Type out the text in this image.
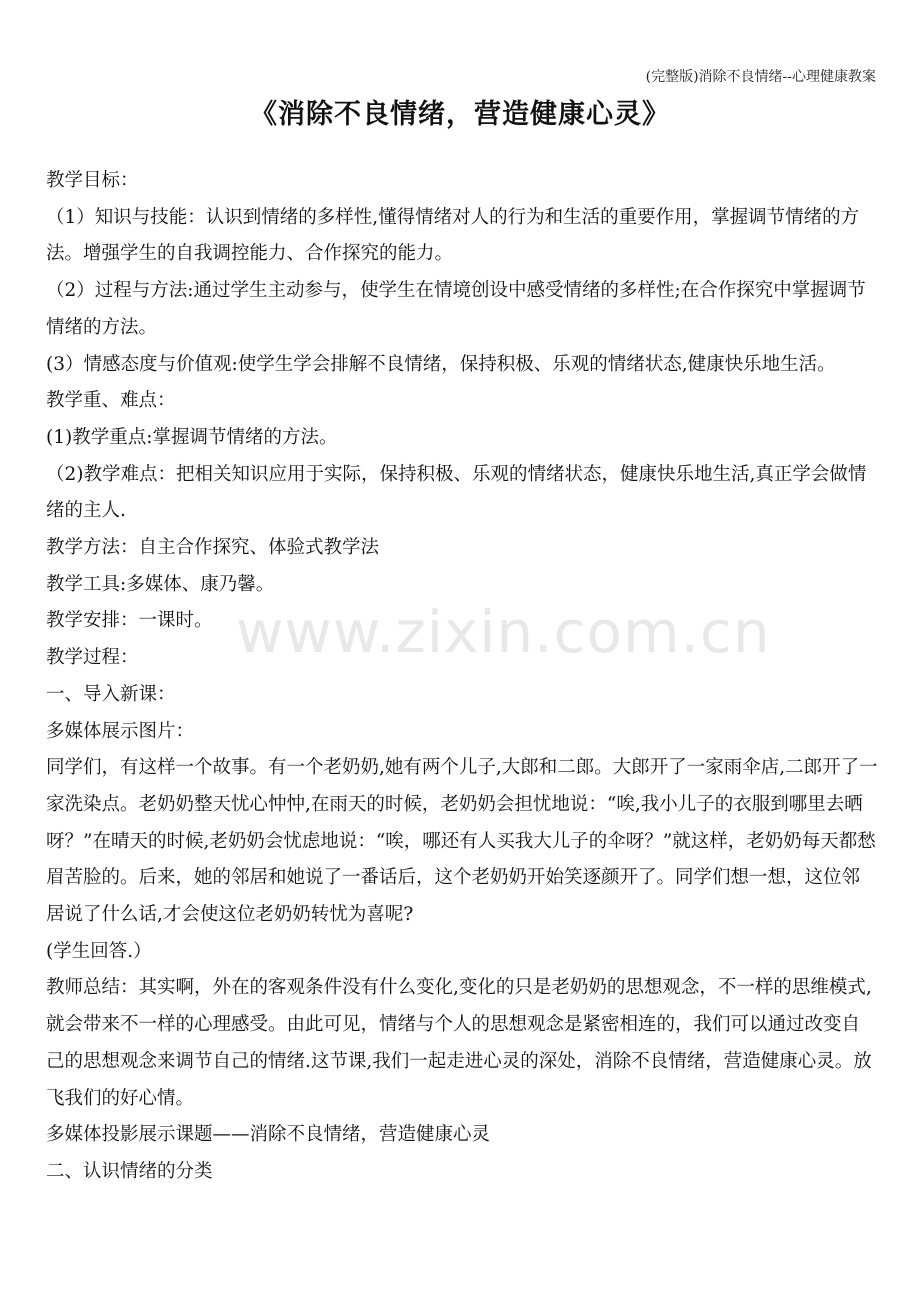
(完整版)消除不良情绪--心理健康教案
《消除不良情绪，营造健康心灵》

教学目标：

（1）知识与技能：认识到情绪的多样性,懂得情绪对人的行为和生活的重要作用，掌握调节情绪的方法。增强学生的自我调控能力、合作探究的能力。

（2）过程与方法:通过学生主动参与，使学生在情境创设中感受情绪的多样性;在合作探究中掌握调节情绪的方法。

(3）情感态度与价值观:使学生学会排解不良情绪，保持积极、乐观的情绪状态,健康快乐地生活。

教学重、难点：

(1)教学重点:掌握调节情绪的方法。

（2)教学难点：把相关知识应用于实际，保持积极、乐观的情绪状态，健康快乐地生活,真正学会做情绪的主人.

教学方法：自主合作探究、体验式教学法

教学工具:多媒体、康乃馨。

教学安排：一课时。

教学过程：

一、导入新课：

多媒体展示图片：

同学们，有这样一个故事。有一个老奶奶,她有两个儿子,大郎和二郎。大郎开了一家雨伞店,二郎开了一家洗染点。老奶奶整天忧心忡忡,在雨天的时候，老奶奶会担忧地说：“唉,我小儿子的衣服到哪里去晒呀？”在晴天的时候,老奶奶会忧虑地说：“唉，哪还有人买我大儿子的伞呀？”就这样，老奶奶每天都愁眉苦脸的。后来，她的邻居和她说了一番话后，这个老奶奶开始笑逐颜开了。同学们想一想，这位邻居说了什么话,才会使这位老奶奶转忧为喜呢?

(学生回答.）

教师总结：其实啊，外在的客观条件没有什么变化,变化的只是老奶奶的思想观念，不一样的思维模式,就会带来不一样的心理感受。由此可见，情绪与个人的思想观念是紧密相连的，我们可以通过改变自己的思想观念来调节自己的情绪.这节课,我们一起走进心灵的深处，消除不良情绪，营造健康心灵。放飞我们的好心情。

多媒体投影展示课题——消除不良情绪，营造健康心灵

二、认识情绪的分类

www.zixin.com.cn
